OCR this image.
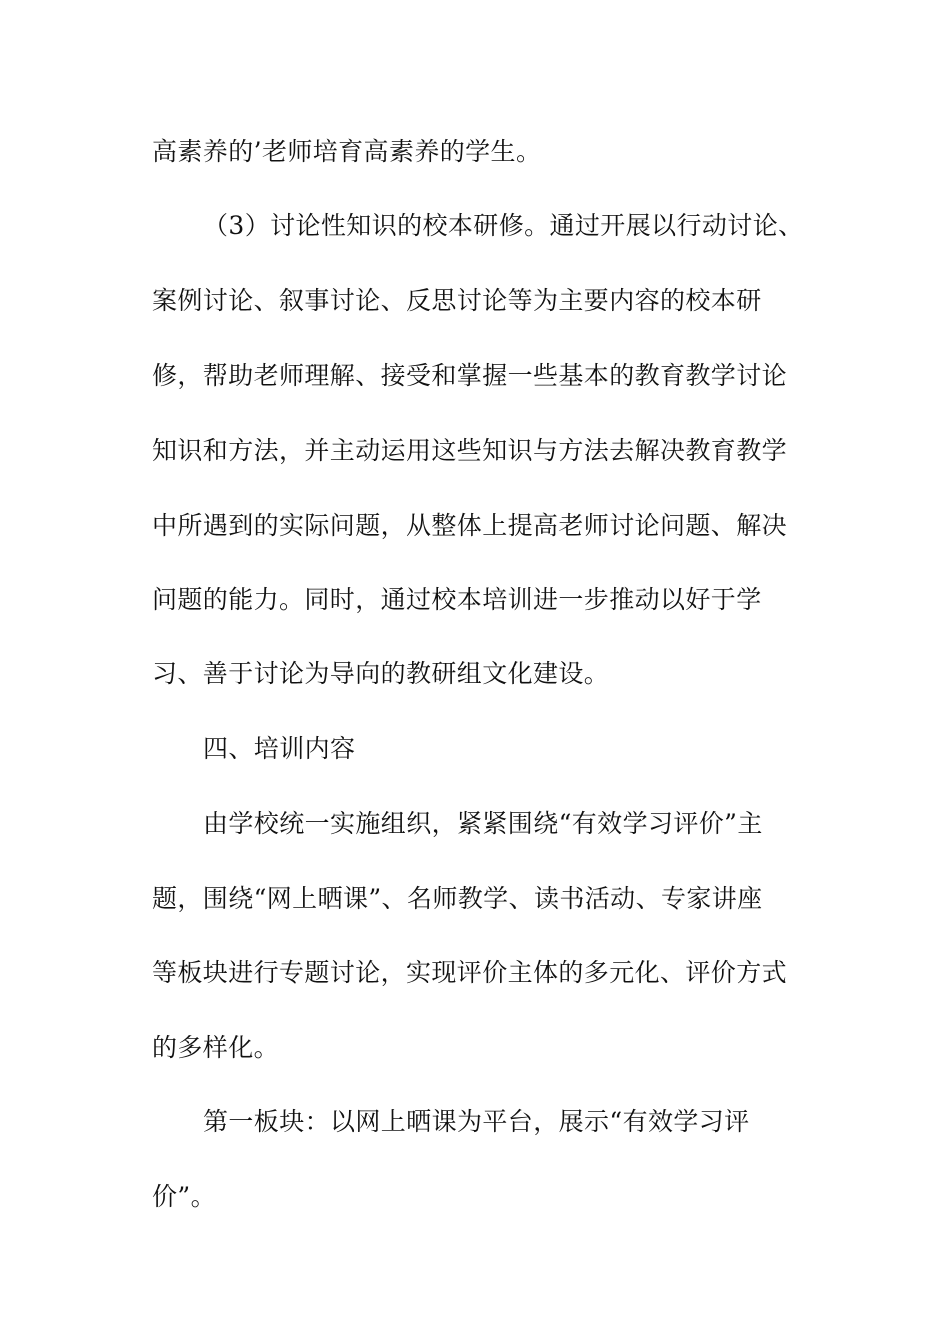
高素养的’老师培育高素养的学生。
（3）讨论性知识的校本研修。通过开展以行动讨论、
案例讨论、叙事讨论、反思讨论等为主要内容的校本研
修，帮助老师理解、接受和掌握一些基本的教育教学讨论
知识和方法，并主动运用这些知识与方法去解决教育教学
中所遇到的实际问题，从整体上提高老师讨论问题、解决
问题的能力。同时，通过校本培训进一步推动以好于学
习、善于讨论为导向的教研组文化建设。
四、培训内容
由学校统一实施组织，紧紧围绕“有效学习评价”主
题，围绕“网上晒课”、名师教学、读书活动、专家讲座
等板块进行专题讨论，实现评价主体的多元化、评价方式
的多样化。
第一板块：以网上晒课为平台，展示“有效学习评
价”。
